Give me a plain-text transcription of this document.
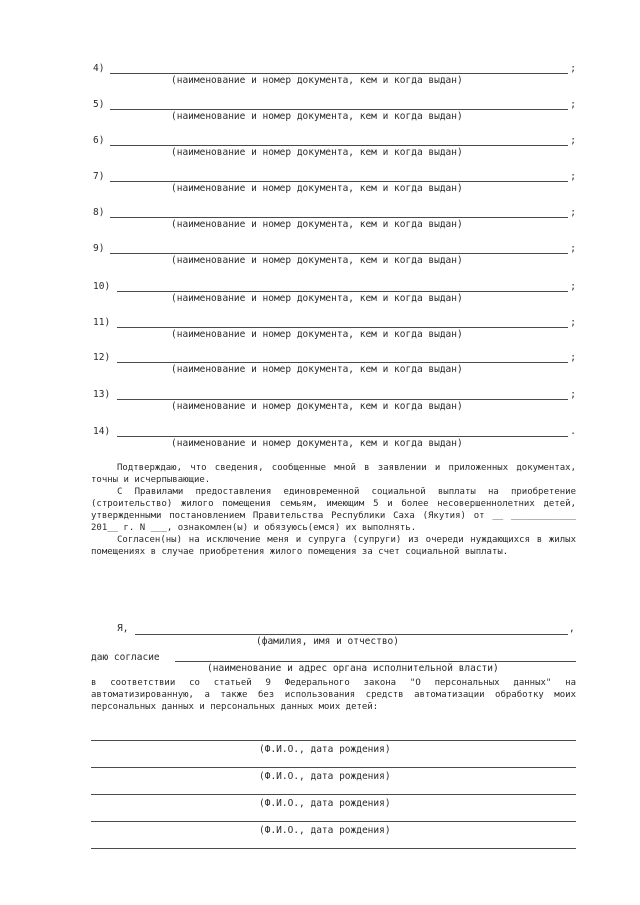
4)	;
(наименование и номер документа, кем и когда выдан)
5)	;
(наименование и номер документа, кем и когда выдан)
6)	;
(наименование и номер документа, кем и когда выдан)
7)	;
(наименование и номер документа, кем и когда выдан)
8)	;
(наименование и номер документа, кем и когда выдан)
9)	;
(наименование и номер документа, кем и когда выдан)
10)	;
(наименование и номер документа, кем и когда выдан)
11)	;
(наименование и номер документа, кем и когда выдан)
12)	;
(наименование и номер документа, кем и когда выдан)
13)	;
(наименование и номер документа, кем и когда выдан)
14)	.
(наименование и номер документа, кем и когда выдан)

Подтверждаю, что сведения, сообщенные мной в заявлении и приложенных документах, точны и исчерпывающие.

С Правилами предоставления единовременной социальной выплаты на приобретение (строительство) жилого помещения семьям, имеющим 5 и более несовершеннолетних детей, утвержденными постановлением Правительства Республики Саха (Якутия) от __ ____________ 201__ г. N ___, ознакомлен(ы) и обязуюсь(емся) их выполнять.

Согласен(ны) на исключение меня и супруга (супруги) из очереди нуждающихся в жилых помещениях в случае приобретения жилого помещения за счет социальной выплаты.

Я,	,
(фамилия, имя и отчество)
даю согласие
(наименование и адрес органа исполнительной власти)
в соответствии со статьей 9 Федерального закона "О персональных данных" на автоматизированную, а также без использования средств автоматизации обработку моих персональных данных и персональных данных моих детей:
(Ф.И.О., дата рождения)
(Ф.И.О., дата рождения)
(Ф.И.О., дата рождения)
(Ф.И.О., дата рождения)
